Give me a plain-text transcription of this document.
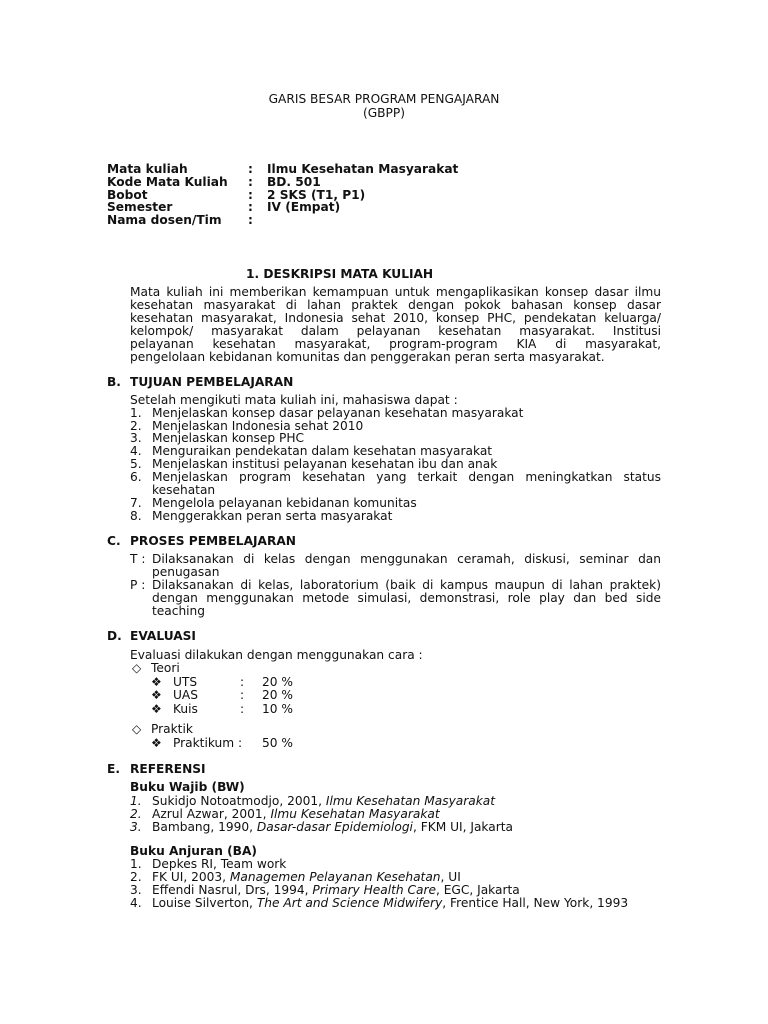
GARIS BESAR PROGRAM PENGAJARAN
(GBPP)
Mata kuliah	: Ilmu Kesehatan Masyarakat
Kode Mata Kuliah : BD. 501
Bobot	: 2 SKS (T1, P1)
Semester	: IV (Empat)
Nama dosen/Tim :
1. DESKRIPSI MATA KULIAH
Mata kuliah ini memberikan kemampuan untuk mengaplikasikan konsep dasar ilmu
kesehatan masyarakat di lahan praktek dengan pokok bahasan konsep dasar
kesehatan masyarakat, Indonesia sehat 2010, konsep PHC, pendekatan keluarga/
kelompok/ masyarakat dalam pelayanan kesehatan masyarakat. Institusi
pelayanan kesehatan masyarakat, program-program KIA di masyarakat,
pengelolaan kebidanan komunitas dan penggerakan peran serta masyarakat.
B. TUJUAN PEMBELAJARAN
Setelah mengikuti mata kuliah ini, mahasiswa dapat :
1. Menjelaskan konsep dasar pelayanan kesehatan masyarakat
2. Menjelaskan Indonesia sehat 2010
3. Menjelaskan konsep PHC
4. Menguraikan pendekatan dalam kesehatan masyarakat
5. Menjelaskan institusi pelayanan kesehatan ibu dan anak
6. Menjelaskan program kesehatan yang terkait dengan meningkatkan status
kesehatan
7. Mengelola pelayanan kebidanan komunitas
8. Menggerakkan peran serta masyarakat
C. PROSES PEMBELAJARAN
T : Dilaksanakan di kelas dengan menggunakan ceramah, diskusi, seminar dan
penugasan
P : Dilaksanakan di kelas, laboratorium (baik di kampus maupun di lahan praktek)
dengan menggunakan metode simulasi, demonstrasi, role play dan bed side
teaching
D. EVALUASI
Evaluasi dilakukan dengan menggunakan cara :
◇ Teori
❖ UTS	: 20 %
❖ UAS	: 20 %
❖ Kuis	: 10 %
◇ Praktik
❖ Praktikum : 50 %
E. REFERENSI
Buku Wajib (BW)
1. Sukidjo Notoatmodjo, 2001, Ilmu Kesehatan Masyarakat
2. Azrul Azwar, 2001, Ilmu Kesehatan Masyarakat
3. Bambang, 1990, Dasar-dasar Epidemiologi, FKM UI, Jakarta
Buku Anjuran (BA)
1. Depkes RI, Team work
2. FK UI, 2003, Managemen Pelayanan Kesehatan, UI
3. Effendi Nasrul, Drs, 1994, Primary Health Care, EGC, Jakarta
4. Louise Silverton, The Art and Science Midwifery, Frentice Hall, New York, 1993
